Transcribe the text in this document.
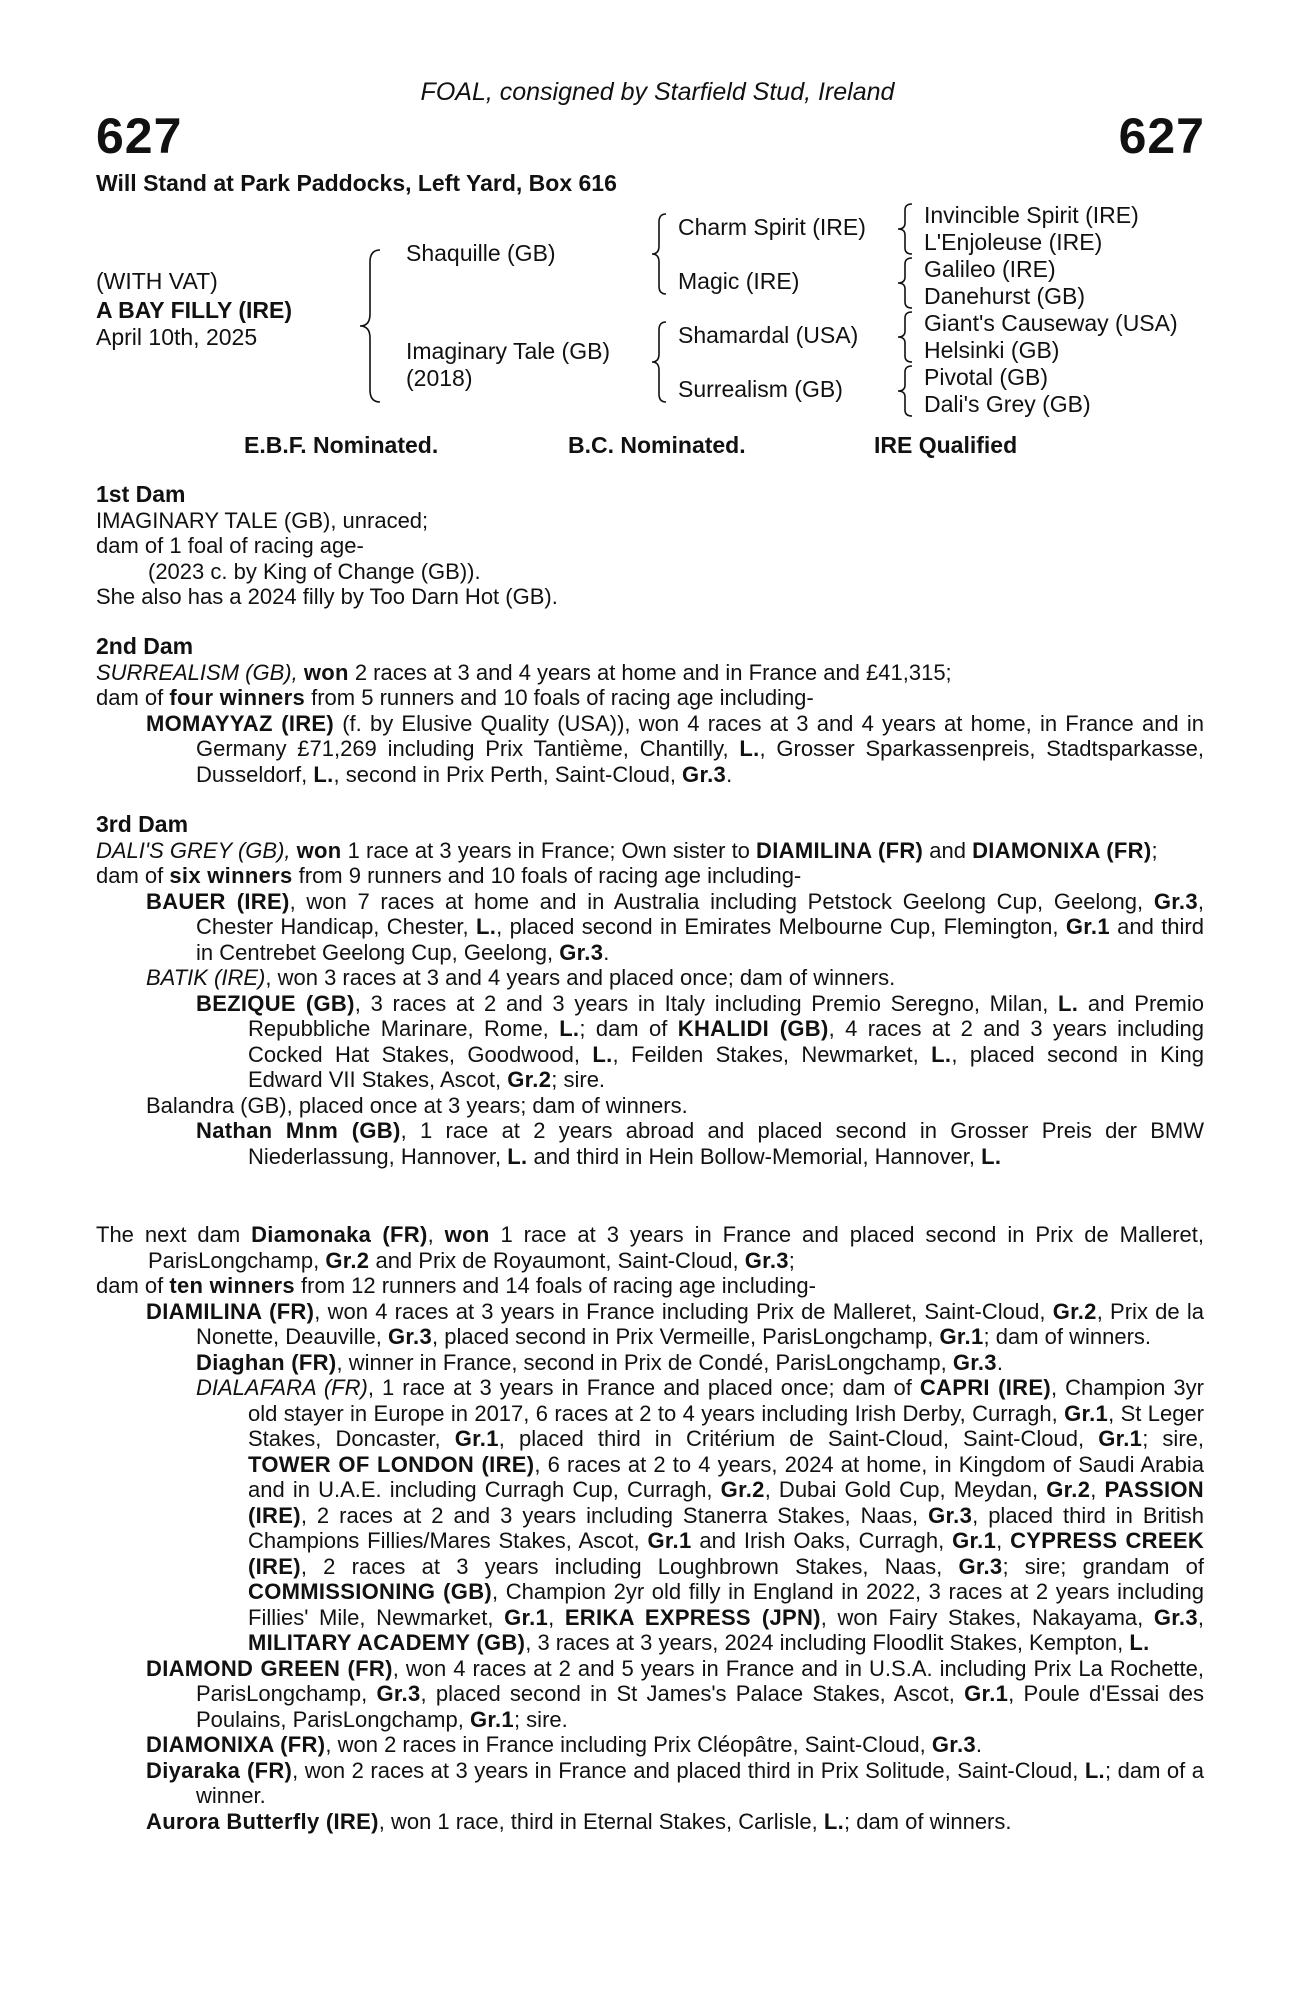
FOAL, consigned by Starfield Stud, Ireland
627	627
Will Stand at Park Paddocks, Left Yard, Box 616
(WITH VAT)
A BAY FILLY (IRE)
April 10th, 2025
Shaquille (GB)
Imaginary Tale (GB)
(2018)
Charm Spirit (IRE)
Magic (IRE)
Shamardal (USA)
Surrealism (GB)
Invincible Spirit (IRE)
L'Enjoleuse (IRE)
Galileo (IRE)
Danehurst (GB)
Giant's Causeway (USA)
Helsinki (GB)
Pivotal (GB)
Dali's Grey (GB)
E.B.F. Nominated.	B.C. Nominated.	IRE Qualified
1st Dam
IMAGINARY TALE (GB), unraced;
dam of 1 foal of racing age-
(2023 c. by King of Change (GB)).
She also has a 2024 filly by Too Darn Hot (GB).
2nd Dam
SURREALISM (GB), won 2 races at 3 and 4 years at home and in France and £41,315;
dam of four winners from 5 runners and 10 foals of racing age including-
MOMAYYAZ (IRE) (f. by Elusive Quality (USA)), won 4 races at 3 and 4 years at home, in France and in Germany £71,269 including Prix Tantième, Chantilly, L., Grosser Sparkassenpreis, Stadtsparkasse, Dusseldorf, L., second in Prix Perth, Saint-Cloud, Gr.3.
3rd Dam
DALI'S GREY (GB), won 1 race at 3 years in France; Own sister to DIAMILINA (FR) and DIAMONIXA (FR);
dam of six winners from 9 runners and 10 foals of racing age including-
BAUER (IRE), won 7 races at home and in Australia including Petstock Geelong Cup, Geelong, Gr.3, Chester Handicap, Chester, L., placed second in Emirates Melbourne Cup, Flemington, Gr.1 and third in Centrebet Geelong Cup, Geelong, Gr.3.
BATIK (IRE), won 3 races at 3 and 4 years and placed once; dam of winners.
BEZIQUE (GB), 3 races at 2 and 3 years in Italy including Premio Seregno, Milan, L. and Premio Repubbliche Marinare, Rome, L.; dam of KHALIDI (GB), 4 races at 2 and 3 years including Cocked Hat Stakes, Goodwood, L., Feilden Stakes, Newmarket, L., placed second in King Edward VII Stakes, Ascot, Gr.2; sire.
Balandra (GB), placed once at 3 years; dam of winners.
Nathan Mnm (GB), 1 race at 2 years abroad and placed second in Grosser Preis der BMW Niederlassung, Hannover, L. and third in Hein Bollow-Memorial, Hannover, L.
The next dam Diamonaka (FR), won 1 race at 3 years in France and placed second in Prix de Malleret, ParisLongchamp, Gr.2 and Prix de Royaumont, Saint-Cloud, Gr.3;
dam of ten winners from 12 runners and 14 foals of racing age including-
DIAMILINA (FR), won 4 races at 3 years in France including Prix de Malleret, Saint-Cloud, Gr.2, Prix de la Nonette, Deauville, Gr.3, placed second in Prix Vermeille, ParisLongchamp, Gr.1; dam of winners.
Diaghan (FR), winner in France, second in Prix de Condé, ParisLongchamp, Gr.3.
DIALAFARA (FR), 1 race at 3 years in France and placed once; dam of CAPRI (IRE), Champion 3yr old stayer in Europe in 2017, 6 races at 2 to 4 years including Irish Derby, Curragh, Gr.1, St Leger Stakes, Doncaster, Gr.1, placed third in Critérium de Saint-Cloud, Saint-Cloud, Gr.1; sire, TOWER OF LONDON (IRE), 6 races at 2 to 4 years, 2024 at home, in Kingdom of Saudi Arabia and in U.A.E. including Curragh Cup, Curragh, Gr.2, Dubai Gold Cup, Meydan, Gr.2, PASSION (IRE), 2 races at 2 and 3 years including Stanerra Stakes, Naas, Gr.3, placed third in British Champions Fillies/Mares Stakes, Ascot, Gr.1 and Irish Oaks, Curragh, Gr.1, CYPRESS CREEK (IRE), 2 races at 3 years including Loughbrown Stakes, Naas, Gr.3; sire; grandam of COMMISSIONING (GB), Champion 2yr old filly in England in 2022, 3 races at 2 years including Fillies' Mile, Newmarket, Gr.1, ERIKA EXPRESS (JPN), won Fairy Stakes, Nakayama, Gr.3, MILITARY ACADEMY (GB), 3 races at 3 years, 2024 including Floodlit Stakes, Kempton, L.
DIAMOND GREEN (FR), won 4 races at 2 and 5 years in France and in U.S.A. including Prix La Rochette, ParisLongchamp, Gr.3, placed second in St James's Palace Stakes, Ascot, Gr.1, Poule d'Essai des Poulains, ParisLongchamp, Gr.1; sire.
DIAMONIXA (FR), won 2 races in France including Prix Cléopâtre, Saint-Cloud, Gr.3.
Diyaraka (FR), won 2 races at 3 years in France and placed third in Prix Solitude, Saint-Cloud, L.; dam of a winner.
Aurora Butterfly (IRE), won 1 race, third in Eternal Stakes, Carlisle, L.; dam of winners.
